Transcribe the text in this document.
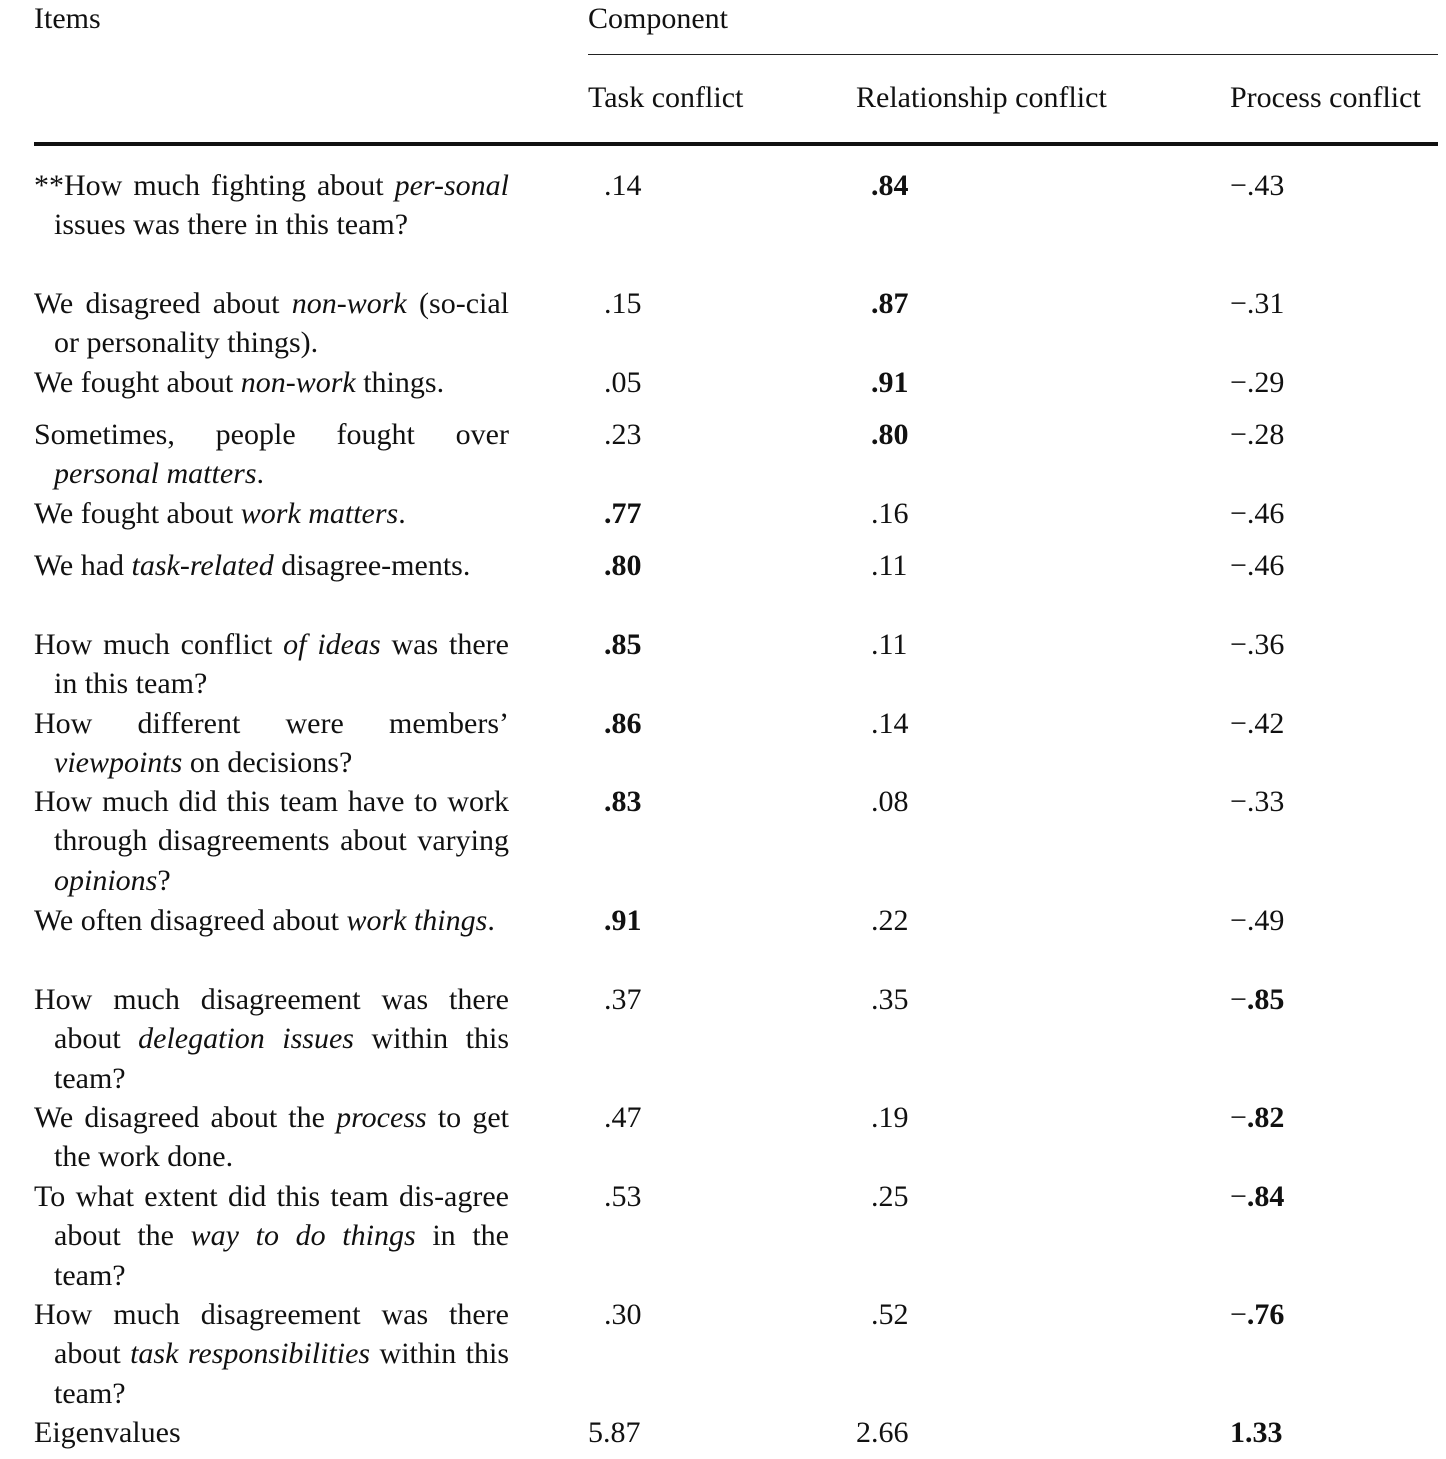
Items	Component
Task conflict	Relationship conflict	Process conflict
**How much fighting about per-sonal issues was there in this team?
.14	.84	−.43
We disagreed about non-work (so-cial or personality things).
.15	.87	−.31
We fought about non-work things.	.05	.91	−.29
Sometimes, people fought over personal matters.
.23	.80	−.28
We fought about work matters.	.77	.16	−.46
We had task-related disagree-ments.	.80	.11	−.46
How much conflict of ideas was there in this team?
.85	.11	−.36
How different were members’ viewpoints on decisions?
.86	.14	−.42
How much did this team have to work through disagreements about varying opinions?
.83	.08	−.33
We often disagreed about work things.	.91	.22	−.49
How much disagreement was there about delegation issues within this team?
.37	.35	−.85
We disagreed about the process to get the work done.
.47	.19	−.82
To what extent did this team dis-agree about the way to do things in the team?
.53	.25	−.84
How much disagreement was there about task responsibilities within this team?
.30	.52	−.76
Eigenvalues	5.87	2.66	1.33
